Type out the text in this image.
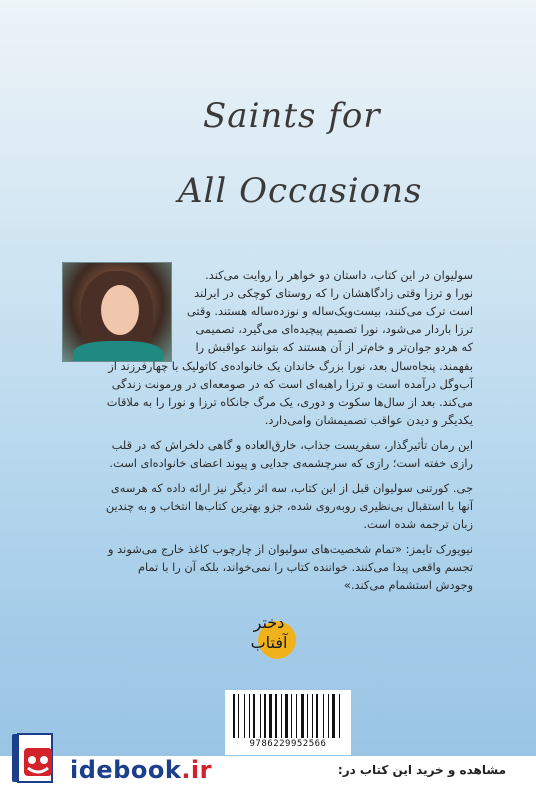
Saints for
All Occasions
سولیوان در این کتاب، داستان دو خواهر را روایت می‌کند.
نورا و ترزا وقتی زادگاهشان را که روستای کوچکی در ایرلند
است ترک می‌کنند، بیست‌ویک‌ساله و نوزده‌ساله هستند. وقتی
ترزا باردار می‌شود، نورا تصمیم پیچیده‌ای می‌گیرد، تصمیمی
که هردو جوان‌تر و خام‌تر از آن هستند که بتوانند عواقبش را
بفهمند. پنجاه‌سال بعد، نورا بزرگ خاندان یک خانواده‌ی کاتولیک با چهارفرزند از
آب‌وگل درآمده است و ترزا راهبه‌ای است که در صومعه‌ای در ورمونت زندگی
می‌کند. بعد از سال‌ها سکوت و دوری، یک مرگ جانکاه ترزا و نورا را به ملاقات
یکدیگر و دیدن عواقب تصمیمشان وامی‌دارد.
این رمان تأثیرگذار، سفریست جذاب، خارق‌العاده و گاهی دلخراش که در قلب
رازی خفته است؛ رازی که سرچشمه‌ی جدایی و پیوند اعضای خانواده‌ای است.
جی. کورتنی سولیوان قبل از این کتاب، سه اثر دیگر نیز ارائه داده که هرسه‌ی
آنها با استقبال بی‌نظیری روبه‌روی شده، جزو بهترین کتاب‌ها انتخاب و به چندین
زبان ترجمه شده است.
نیویورک تایمز: «تمام شخصیت‌های سولیوان از چارچوب کاغذ خارج می‌شوند و
تجسم واقعی پیدا می‌کنند. خواننده کتاب را نمی‌خواند، بلکه آن را با تمام
وجودش استشمام می‌کند.»
دختر
آفتاب
9786229952566
idebook.ir	مشاهده و خرید این کتاب در:
